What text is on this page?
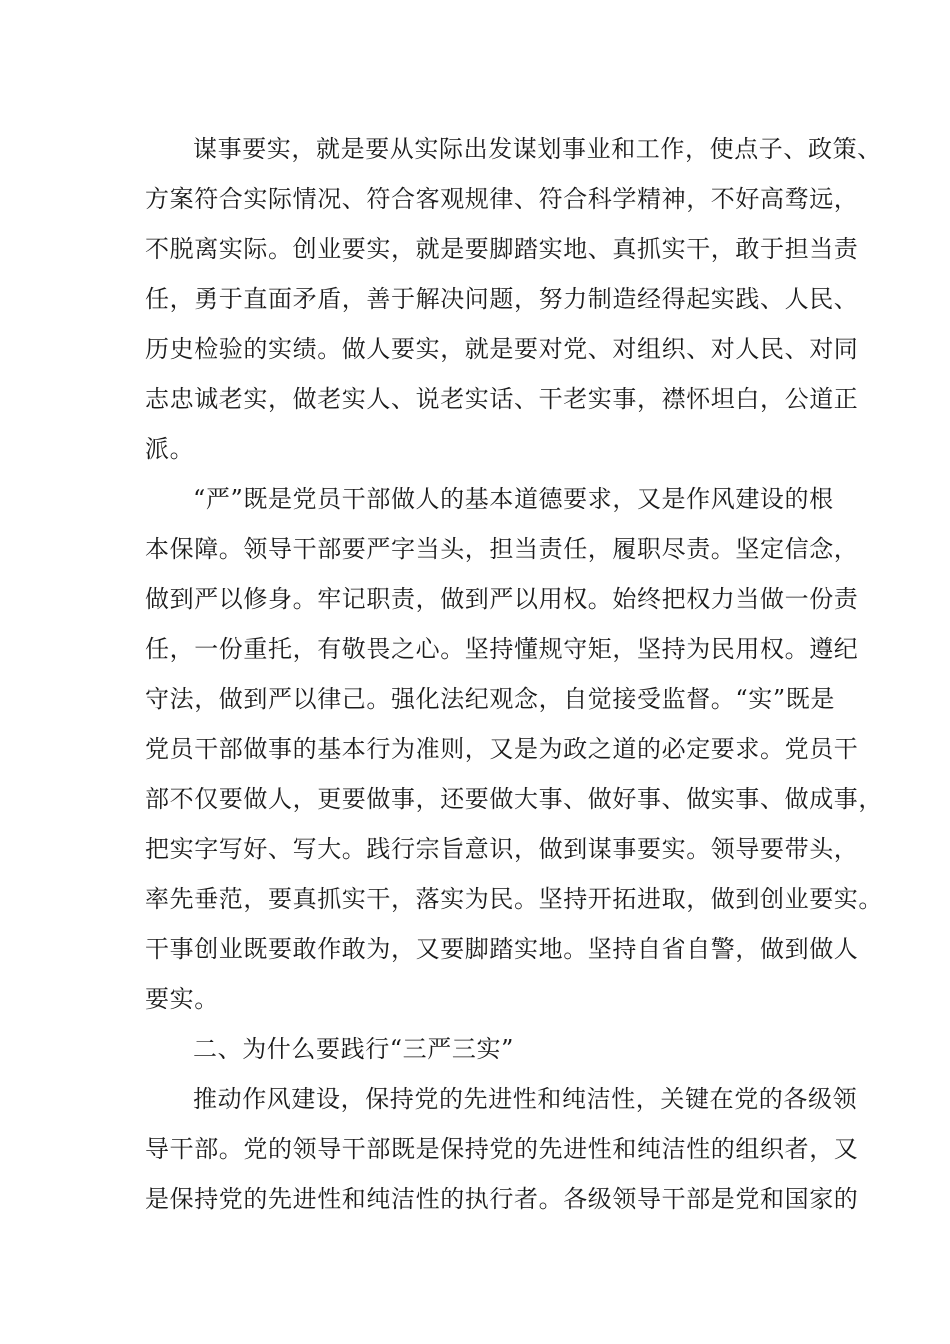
谋事要实，就是要从实际出发谋划事业和工作，使点子、政策、
方案符合实际情况、符合客观规律、符合科学精神，不好高骛远，
不脱离实际。创业要实，就是要脚踏实地、真抓实干，敢于担当责
任，勇于直面矛盾，善于解决问题，努力制造经得起实践、人民、
历史检验的实绩。做人要实，就是要对党、对组织、对人民、对同
志忠诚老实，做老实人、说老实话、干老实事，襟怀坦白，公道正
派。
“严”既是党员干部做人的基本道德要求，又是作风建设的根
本保障。领导干部要严字当头，担当责任，履职尽责。坚定信念，
做到严以修身。牢记职责，做到严以用权。始终把权力当做一份责
任，一份重托，有敬畏之心。坚持懂规守矩，坚持为民用权。遵纪
守法，做到严以律己。强化法纪观念，自觉接受监督。“实”既是
党员干部做事的基本行为准则，又是为政之道的必定要求。党员干
部不仅要做人，更要做事，还要做大事、做好事、做实事、做成事，
把实字写好、写大。践行宗旨意识，做到谋事要实。领导要带头，
率先垂范，要真抓实干，落实为民。坚持开拓进取，做到创业要实。
干事创业既要敢作敢为，又要脚踏实地。坚持自省自警，做到做人
要实。
二、为什么要践行“三严三实”
推动作风建设，保持党的先进性和纯洁性，关键在党的各级领
导干部。党的领导干部既是保持党的先进性和纯洁性的组织者，又
是保持党的先进性和纯洁性的执行者。各级领导干部是党和国家的
